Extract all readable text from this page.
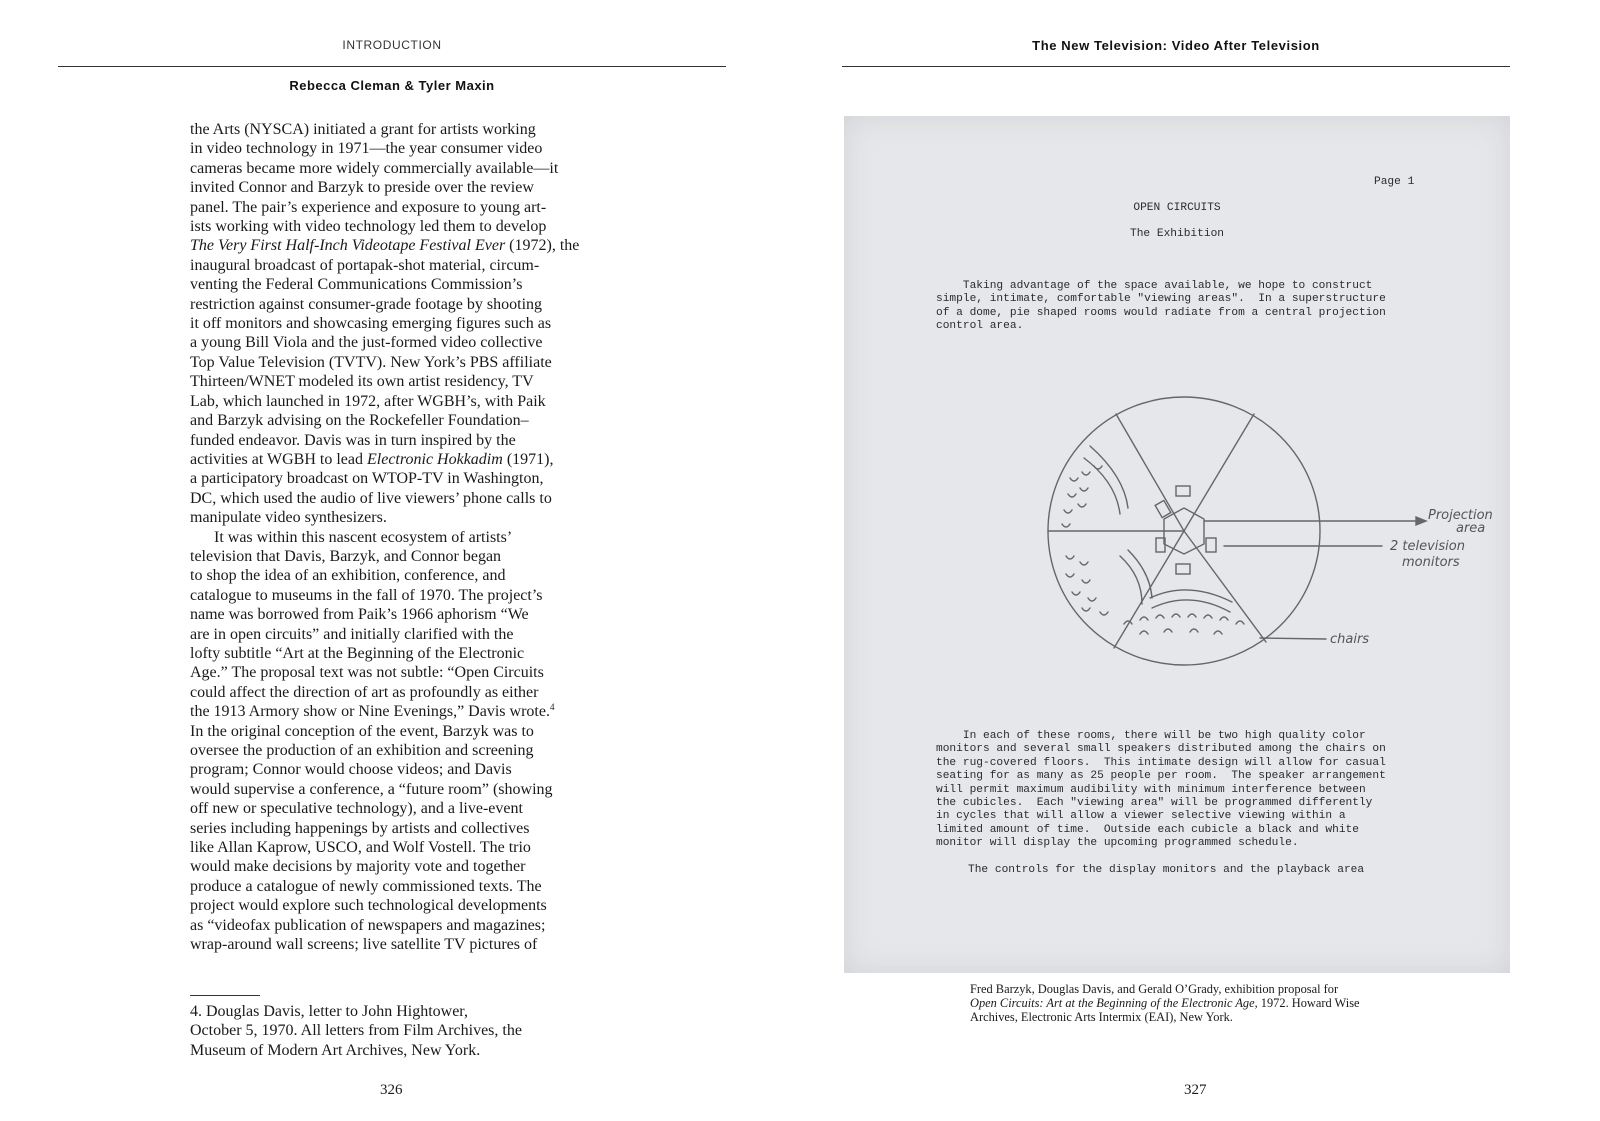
INTRODUCTION
Rebecca Cleman & Tyler Maxin

the Arts (NYSCA) initiated a grant for artists working
in video technology in 1971—the year consumer video
cameras became more widely commercially available—it
invited Connor and Barzyk to preside over the review
panel. The pair’s experience and exposure to young art-
ists working with video technology led them to develop
The Very First Half-Inch Videotape Festival Ever (1972), the
inaugural broadcast of portapak-shot material, circum-
venting the Federal Communications Commission’s
restriction against consumer-grade footage by shooting
it off monitors and showcasing emerging figures such as
a young Bill Viola and the just-formed video collective
Top Value Television (TVTV). New York’s PBS affiliate
Thirteen/WNET modeled its own artist residency, TV
Lab, which launched in 1972, after WGBH’s, with Paik
and Barzyk advising on the Rockefeller Foundation–
funded endeavor. Davis was in turn inspired by the
activities at WGBH to lead Electronic Hokkadim (1971),
a participatory broadcast on WTOP-TV in Washington,
DC, which used the audio of live viewers’ phone calls to
manipulate video synthesizers.

It was within this nascent ecosystem of artists’
television that Davis, Barzyk, and Connor began
to shop the idea of an exhibition, conference, and
catalogue to museums in the fall of 1970. The project’s
name was borrowed from Paik’s 1966 aphorism “We
are in open circuits” and initially clarified with the
lofty subtitle “Art at the Beginning of the Electronic
Age.” The proposal text was not subtle: “Open Circuits
could affect the direction of art as profoundly as either
the 1913 Armory show or Nine Evenings,” Davis wrote.$^4$
In the original conception of the event, Barzyk was to
oversee the production of an exhibition and screening
program; Connor would choose videos; and Davis
would supervise a conference, a “future room” (showing
off new or speculative technology), and a live-event
series including happenings by artists and collectives
like Allan Kaprow, USCO, and Wolf Vostell. The trio
would make decisions by majority vote and together
produce a catalogue of newly commissioned texts. The
project would explore such technological developments
as “videofax publication of newspapers and magazines;
wrap-around wall screens; live satellite TV pictures of

4. Douglas Davis, letter to John Hightower,
October 5, 1970. All letters from Film Archives, the
Museum of Modern Art Archives, New York.
326
The New Television: Video After Television
Page 1
OPEN CIRCUITS
The Exhibition
Taking advantage of the space available, we hope to construct
simple, intimate, comfortable "viewing areas".  In a superstructure
of a dome, pie shaped rooms would radiate from a central projection
control area.
Projection
area
2 television
monitors
chairs
In each of these rooms, there will be two high quality color
monitors and several small speakers distributed among the chairs on
the rug-covered floors.  This intimate design will allow for casual
seating for as many as 25 people per room.  The speaker arrangement
will permit maximum audibility with minimum interference between
the cubicles.  Each "viewing area" will be programmed differently
in cycles that will allow a viewer selective viewing within a
limited amount of time.  Outside each cubicle a black and white
monitor will display the upcoming programmed schedule.
The controls for the display monitors and the playback area
Fred Barzyk, Douglas Davis, and Gerald O’Grady, exhibition proposal for
Open Circuits: Art at the Beginning of the Electronic Age, 1972. Howard Wise
Archives, Electronic Arts Intermix (EAI), New York.
327
